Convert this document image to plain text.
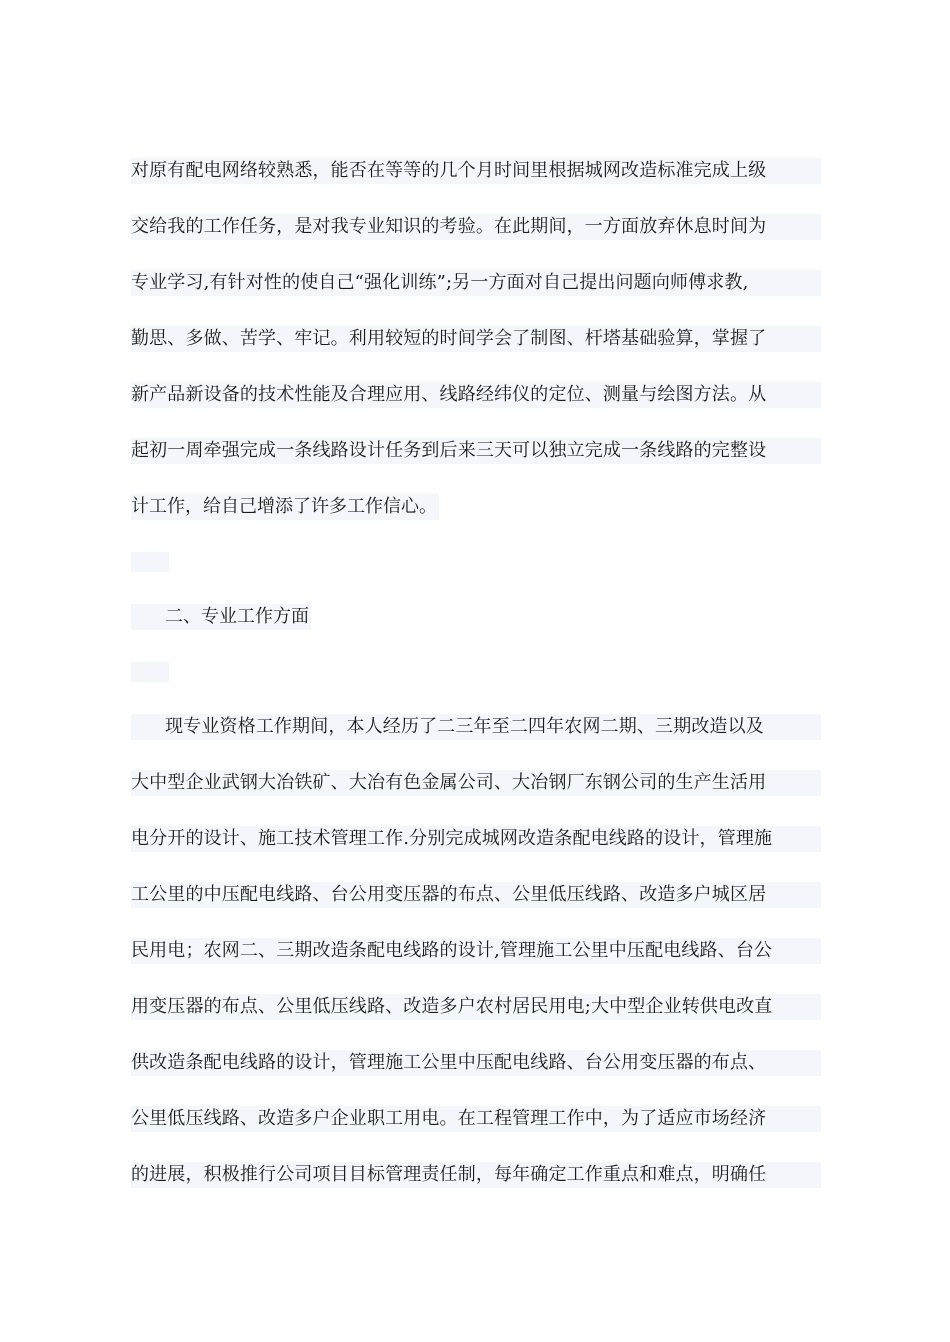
对原有配电网络较熟悉，能否在等等的几个月时间里根据城网改造标准完成上级
交给我的工作任务，是对我专业知识的考验。在此期间，一方面放弃休息时间为
专业学习,有针对性的使自己“强化训练”;另一方面对自己提出问题向师傅求教,
勤思、多做、苦学、牢记。利用较短的时间学会了制图、杆塔基础验算，掌握了
新产品新设备的技术性能及合理应用、线路经纬仪的定位、测量与绘图方法。从
起初一周牵强完成一条线路设计任务到后来三天可以独立完成一条线路的完整设
计工作，给自己增添了许多工作信心。
二、专业工作方面
现专业资格工作期间，本人经历了二三年至二四年农网二期、三期改造以及
大中型企业武钢大冶铁矿、大冶有色金属公司、大冶钢厂东钢公司的生产生活用
电分开的设计、施工技术管理工作.分别完成城网改造条配电线路的设计，管理施
工公里的中压配电线路、台公用变压器的布点、公里低压线路、改造多户城区居
民用电；农网二、三期改造条配电线路的设计,管理施工公里中压配电线路、台公
用变压器的布点、公里低压线路、改造多户农村居民用电;大中型企业转供电改直
供改造条配电线路的设计，管理施工公里中压配电线路、台公用变压器的布点、
公里低压线路、改造多户企业职工用电。在工程管理工作中，为了适应市场经济
的进展，积极推行公司项目目标管理责任制，每年确定工作重点和难点，明确任
